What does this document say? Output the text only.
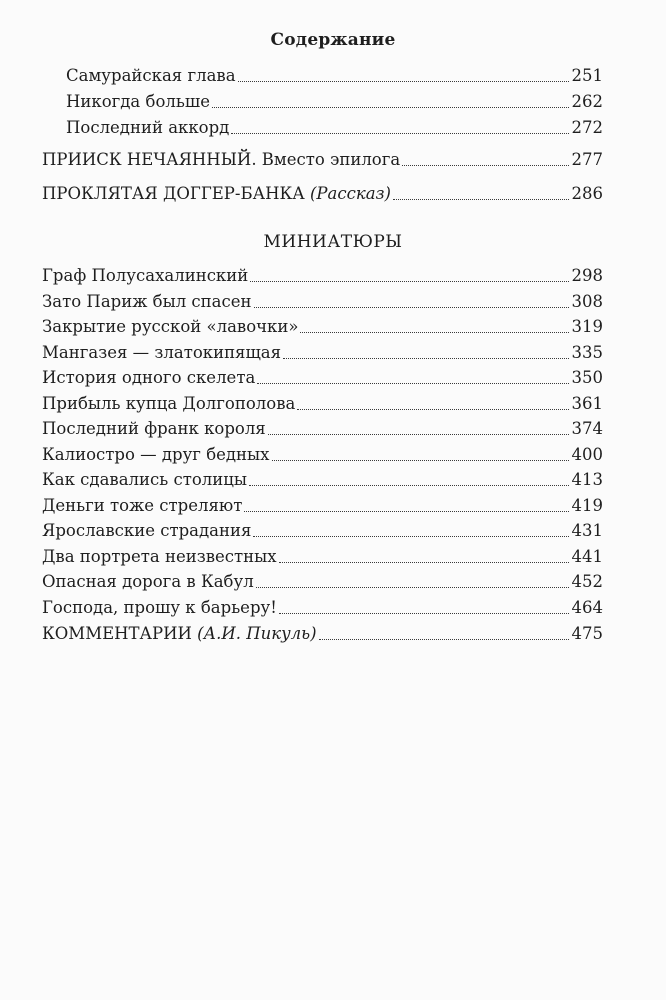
Содержание
Самурайская глава	251
Никогда больше	262
Последний аккорд	272
ПРИИСК НЕЧАЯННЫЙ. Вместо эпилога	277
ПРОКЛЯТАЯ ДОГГЕР-БАНКА (Рассказ)	286
МИНИАТЮРЫ
Граф Полусахалинский	298
Зато Париж был спасен	308
Закрытие русской «лавочки»	319
Мангазея — златокипящая	335
История одного скелета	350
Прибыль купца Долгополова	361
Последний франк короля	374
Калиостро — друг бедных	400
Как сдавались столицы	413
Деньги тоже стреляют	419
Ярославские страдания	431
Два портрета неизвестных	441
Опасная дорога в Кабул	452
Господа, прошу к барьеру!	464
КОММЕНТАРИИ (А.И. Пикуль)	475
